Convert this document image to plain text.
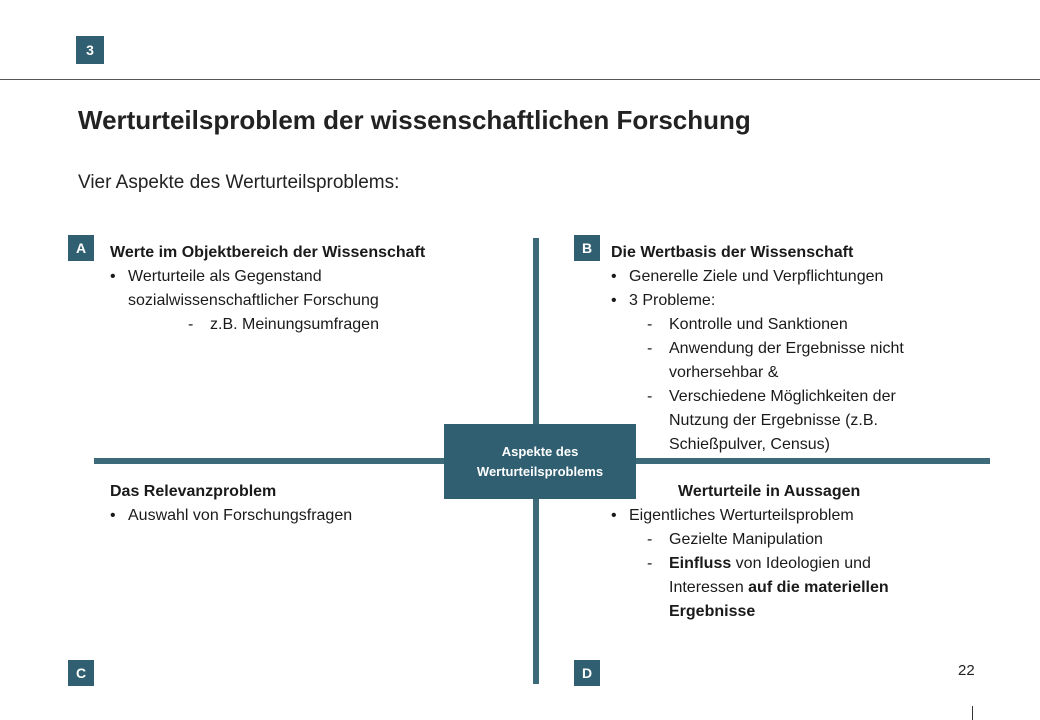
3
Werturteilsproblem der wissenschaftlichen Forschung
Vier Aspekte des Werturteilsproblems:
Aspekte des
Werturteilsproblems
A	B
C	D
Werte im Objektbereich der Wissenschaft
• Werturteile als Gegenstand
sozialwissenschaftlicher Forschung
-	z.B. Meinungsumfragen
Die Wertbasis der Wissenschaft
• Generelle Ziele und Verpflichtungen
• 3 Probleme:
-	Kontrolle und Sanktionen
-	Anwendung der Ergebnisse nicht vorhersehbar &
-	Verschiedene Möglichkeiten der Nutzung der Ergebnisse (z.B. Schießpulver, Census)
Das Relevanzproblem
• Auswahl von Forschungsfragen
Werturteile in Aussagen
• Eigentliches Werturteilsproblem
-	Gezielte Manipulation
-	Einfluss von Ideologien und Interessen auf die materiellen Ergebnisse
22
